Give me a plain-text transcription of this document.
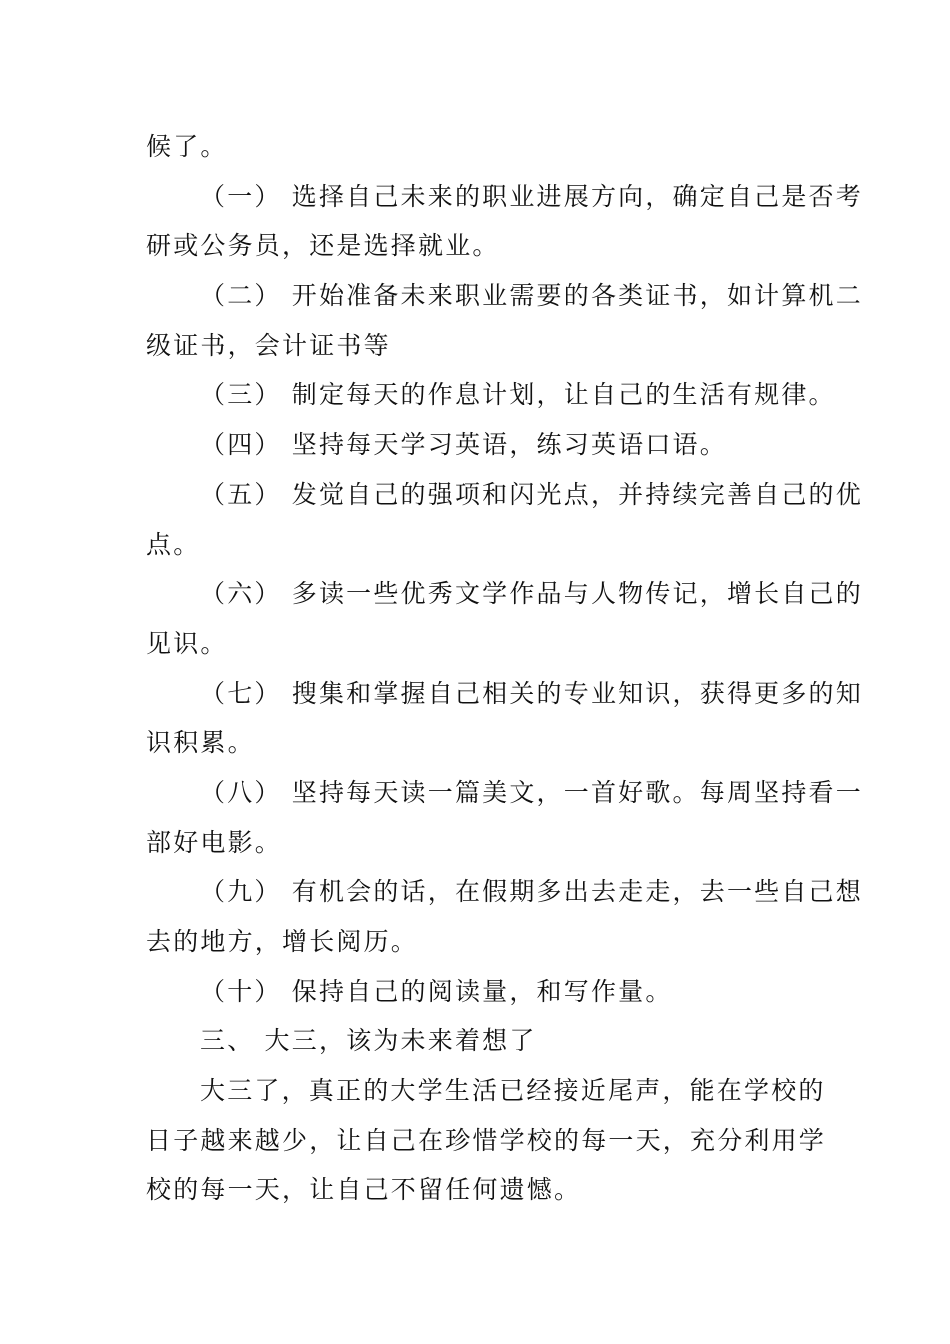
候了。
（一） 选择自己未来的职业进展方向，确定自己是否考
研或公务员，还是选择就业。
（二） 开始准备未来职业需要的各类证书，如计算机二
级证书，会计证书等
（三） 制定每天的作息计划，让自己的生活有规律。
（四） 坚持每天学习英语，练习英语口语。
（五） 发觉自己的强项和闪光点，并持续完善自己的优
点。
（六） 多读一些优秀文学作品与人物传记，增长自己的
见识。
（七） 搜集和掌握自己相关的专业知识，获得更多的知
识积累。
（八） 坚持每天读一篇美文，一首好歌。每周坚持看一
部好电影。
（九） 有机会的话，在假期多出去走走，去一些自己想
去的地方，增长阅历。
（十） 保持自己的阅读量，和写作量。
三、 大三，该为未来着想了
大三了，真正的大学生活已经接近尾声，能在学校的
日子越来越少，让自己在珍惜学校的每一天，充分利用学
校的每一天，让自己不留任何遗憾。
